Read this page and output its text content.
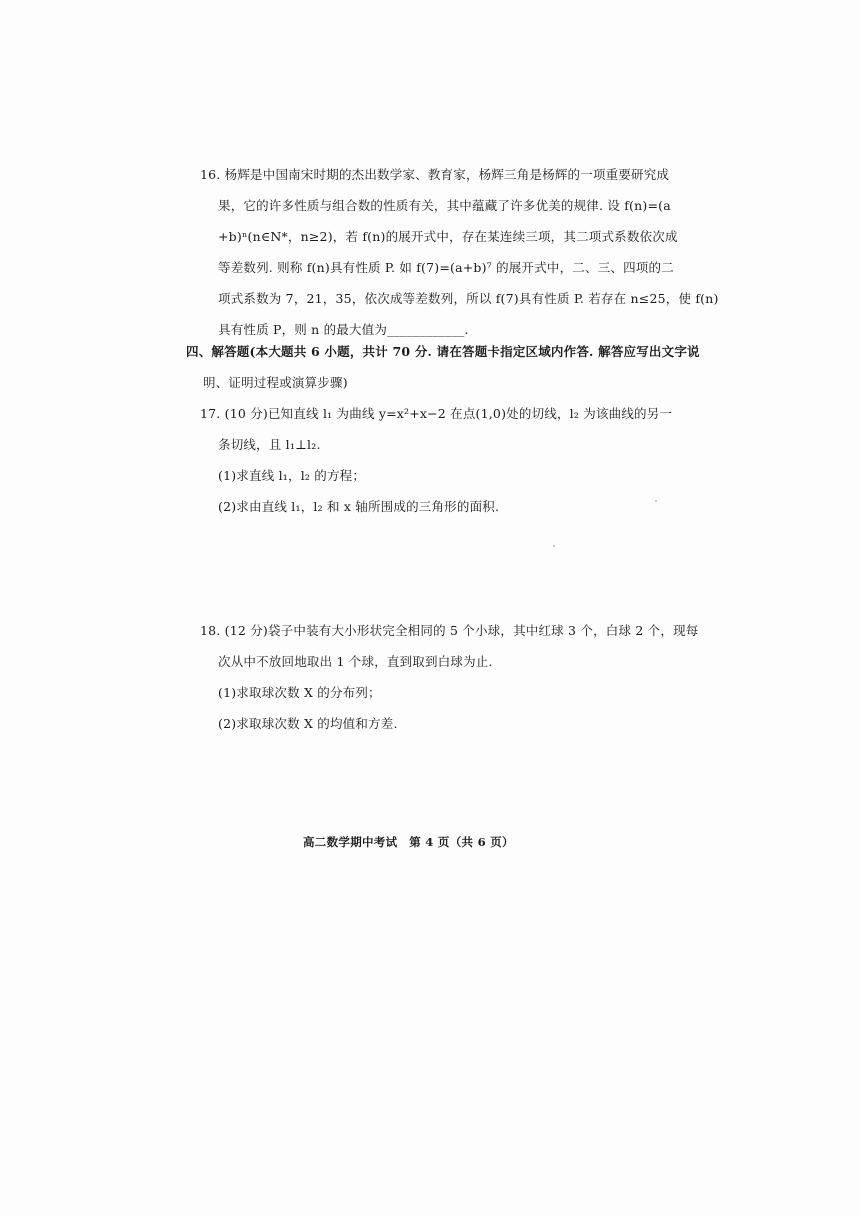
16. 杨辉是中国南宋时期的杰出数学家、教育家，杨辉三角是杨辉的一项重要研究成
果，它的许多性质与组合数的性质有关，其中蕴藏了许多优美的规律. 设 f(n)=(a
+b)ⁿ(n∈N*，n≥2)，若 f(n)的展开式中，存在某连续三项，其二项式系数依次成
等差数列. 则称 f(n)具有性质 P. 如 f(7)=(a+b)⁷ 的展开式中，二、三、四项的二
项式系数为 7，21，35，依次成等差数列，所以 f(7)具有性质 P. 若存在 n≤25，使 f(n)
具有性质 P，则 n 的最大值为____________.
四、解答题(本大题共 6 小题，共计 70 分. 请在答题卡指定区域内作答. 解答应写出文字说
明、证明过程或演算步骤)
17. (10 分)已知直线 l₁ 为曲线 y=x²+x−2 在点(1,0)处的切线，l₂ 为该曲线的另一
条切线，且 l₁⊥l₂.
(1)求直线 l₁，l₂ 的方程；
(2)求由直线 l₁，l₂ 和 x 轴所围成的三角形的面积.
18. (12 分)袋子中装有大小形状完全相同的 5 个小球，其中红球 3 个，白球 2 个，现每
次从中不放回地取出 1 个球，直到取到白球为止.
(1)求取球次数 X 的分布列；
(2)求取球次数 X 的均值和方差.
高二数学期中考试　第 4 页（共 6 页）
